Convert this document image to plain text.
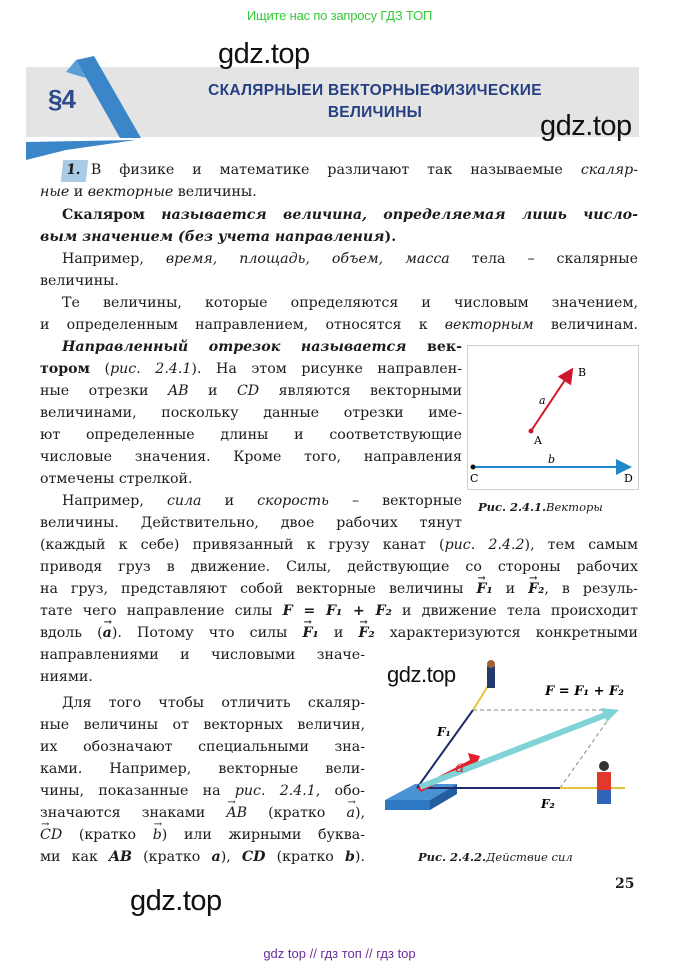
Ищите нас по запросу ГДЗ ТОП
§4	СКАЛЯРНЫЕИ ВЕКТОРНЫЕФИЗИЧЕСКИЕ
ВЕЛИЧИНЫ
gdz.top
gdz.top
gdz.top
gdz.top
1. В физике и математике различают так называемые скаляр-
ные и векторные величины.
Скаляром называется величина, определяемая лишь число-
вым значением (без учета направления).
Например, время, площадь, объем, масса тела – скалярные
величины.
Те величины, которые определяются и числовым значением,
и определенным направлением, относятся к векторным величинам.
Направленный отрезок называется век-
тором (рис. 2.4.1). На этом рисунке направлен-
ные отрезки AB и CD являются векторными
величинами, поскольку данные отрезки име-
ют определенные длины и соответствующие
числовые значения. Кроме того, направления
отмечены стрелкой.
Например, сила и скорость – векторные
величины. Действительно, двое рабочих тянут
(каждый к себе) привязанный к грузу канат (рис. 2.4.2), тем самым
приводя груз в движение. Силы, действующие со стороны рабочих
на груз, представляют собой векторные величины → F₁ и → F₂, в резуль-
тате чего направление силы F = F₁ + F₂ и движение тела происходит
вдоль (→ a). Потому что силы → F₁ и → F₂ характеризуются конкретными
направлениями и числовыми значе-
ниями.
Для того чтобы отличить скаляр-
ные величины от векторных величин,
их обозначают специальными зна-
ками. Например, векторные вели-
чины, показанные на рис. 2.4.1, обо-
значаются знаками → AB (кратко → a),
→ CD (кратко → b) или жирными буква-
ми как AB (кратко a), CD (кратко b).
B
A
a
b
C	D
Рис. 2.4.1.Векторы
F = F₁ + F₂
F₁
F₂
a
Рис. 2.4.2.Действие сил
25
gdz top // гдз топ // гдз top
